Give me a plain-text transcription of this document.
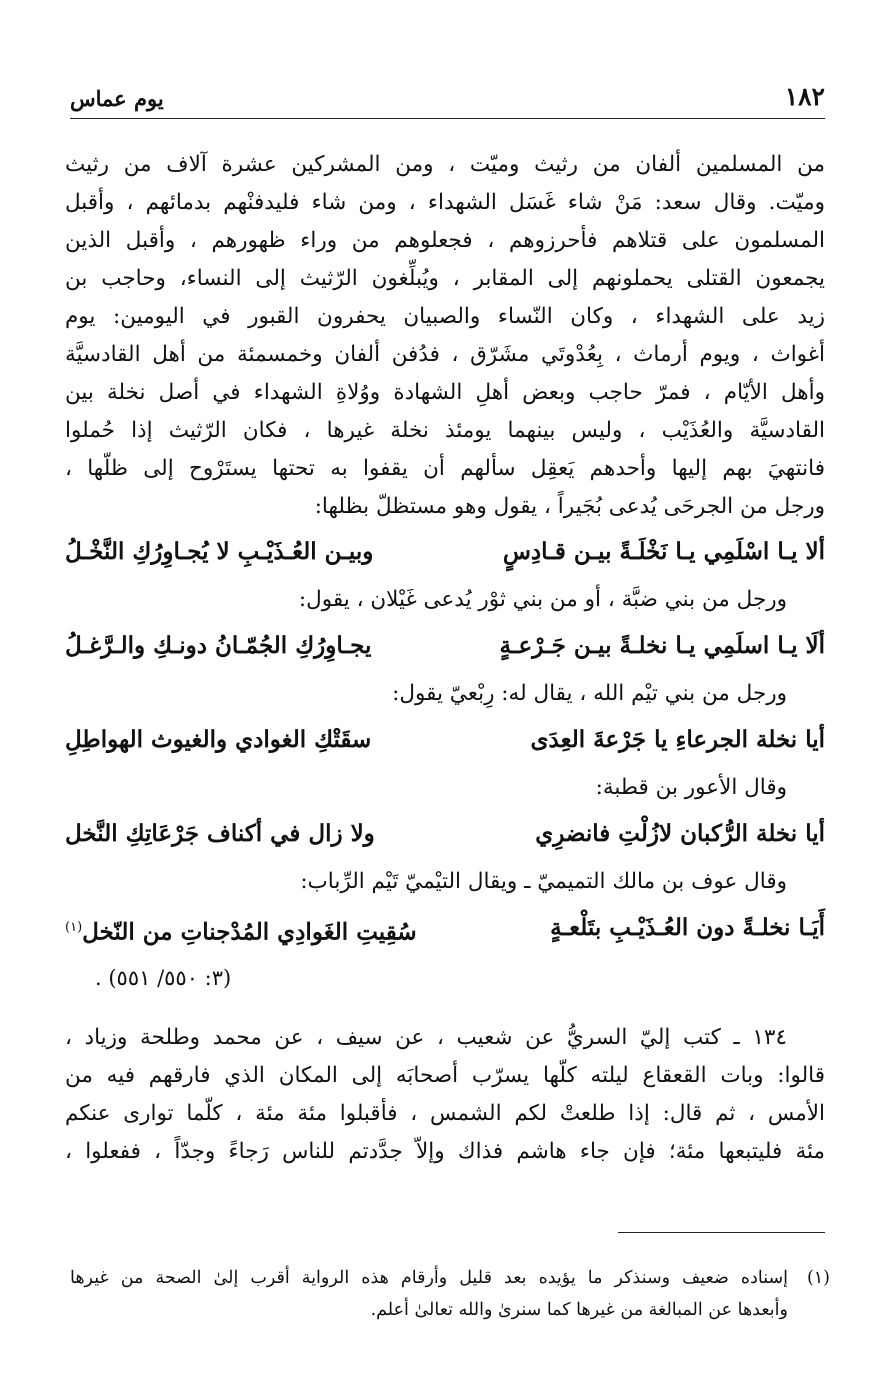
١٨٢
يوم عماس
من المسلمين ألفان من رثيث وميّت ، ومن المشركين عشرة آلاف من رثيث
وميّت. وقال سعد: مَنْ شاء غَسَل الشهداء ، ومن شاء فليدفنْهم بدمائهم ، وأقبل
المسلمون على قتلاهم فأحرزوهم ، فجعلوهم من وراء ظهورهم ، وأقبل الذين
يجمعون القتلى يحملونهم إلى المقابر ، ويُبلِّغون الرّثيث إلى النساء، وحاجب بن
زيد على الشهداء ، وكان النّساء والصبيان يحفرون القبور في اليومين: يوم
أغواث ، ويوم أرماث ، بِعُدْوتَي مشَرّق ، فدُفن ألفان وخمسمئة من أهل القادسيَّة
وأهل الأيّام ، فمرّ حاجب وبعض أهلِ الشهادة ووُلاةِ الشهداء في أصل نخلة بين
القادسيَّة والعُذَيْب ، وليس بينهما يومئذ نخلة غيرها ، فكان الرّثيث إذا حُملوا
فانتهيَ بهم إليها وأحدهم يَعقِل سألهم أن يقفوا به تحتها يستَرْوح إلى ظلّها ،
ورجل من الجرحَى يُدعى بُجَيراً ، يقول وهو مستظلّ بظلها:
ألا يـا اسْلَمِي يـا نَخْلَـةً بيـن قـادِسٍ
وبيـن العُـذَيْـبِ لا يُجـاوِرُكِ النَّخْـلُ
ورجل من بني ضبَّة ، أو من بني ثوْر يُدعى غَيْلان ، يقول:
ألَا يـا اسلَمِي يـا نخلـةً بيـن جَـرْعـةٍ
يجـاوِرُكِ الجُمّـانُ دونـكِ والـرَّغـلُ
ورجل من بني تيْم الله ، يقال له: رِبْعيّ يقول:
أيا نخلة الجرعاءِ يا جَرْعةَ العِدَى
سقَتْكِ الغوادي والغيوث الهواطِلِ
وقال الأعور بن قطبة:
أيا نخلة الرُّكبان لازُلْتِ فانضرِي
ولا زال في أكناف جَرْعَاتِكِ النَّخل
وقال عوف بن مالك التميميّ ـ ويقال التيْميّ تَيْم الرِّباب:
أَيَـا نخلـةً دون العُـذَيْـبِ بتَلْعـةٍ
سُقِيتِ الغَوادِي المُدْجناتِ من النّخل$^{(١)}$
(٣: ٥٥٠/ ٥٥١) .
١٣٤ ـ كتب إليّ السريُّ عن شعيب ، عن سيف ، عن محمد وطلحة وزياد ،
قالوا: وبات القعقاع ليلته كلّها يسرّب أصحابَه إلى المكان الذي فارقهم فيه من
الأمس ، ثم قال: إذا طلعتْ لكم الشمس ، فأقبلوا مئة مئة ، كلّما توارى عنكم
مئة فليتبعها مئة؛ فإن جاء هاشم فذاك وإلاّ جدَّدتم للناس رَجاءً وجدّاً ، ففعلوا ،
(١)إسناده ضعيف وسنذكر ما يؤيده بعد قليل وأرقام هذه الرواية أقرب إلىٰ الصحة من غيرها
وأبعدها عن المبالغة من غيرها كما سنرىٰ والله تعالىٰ أعلم.
